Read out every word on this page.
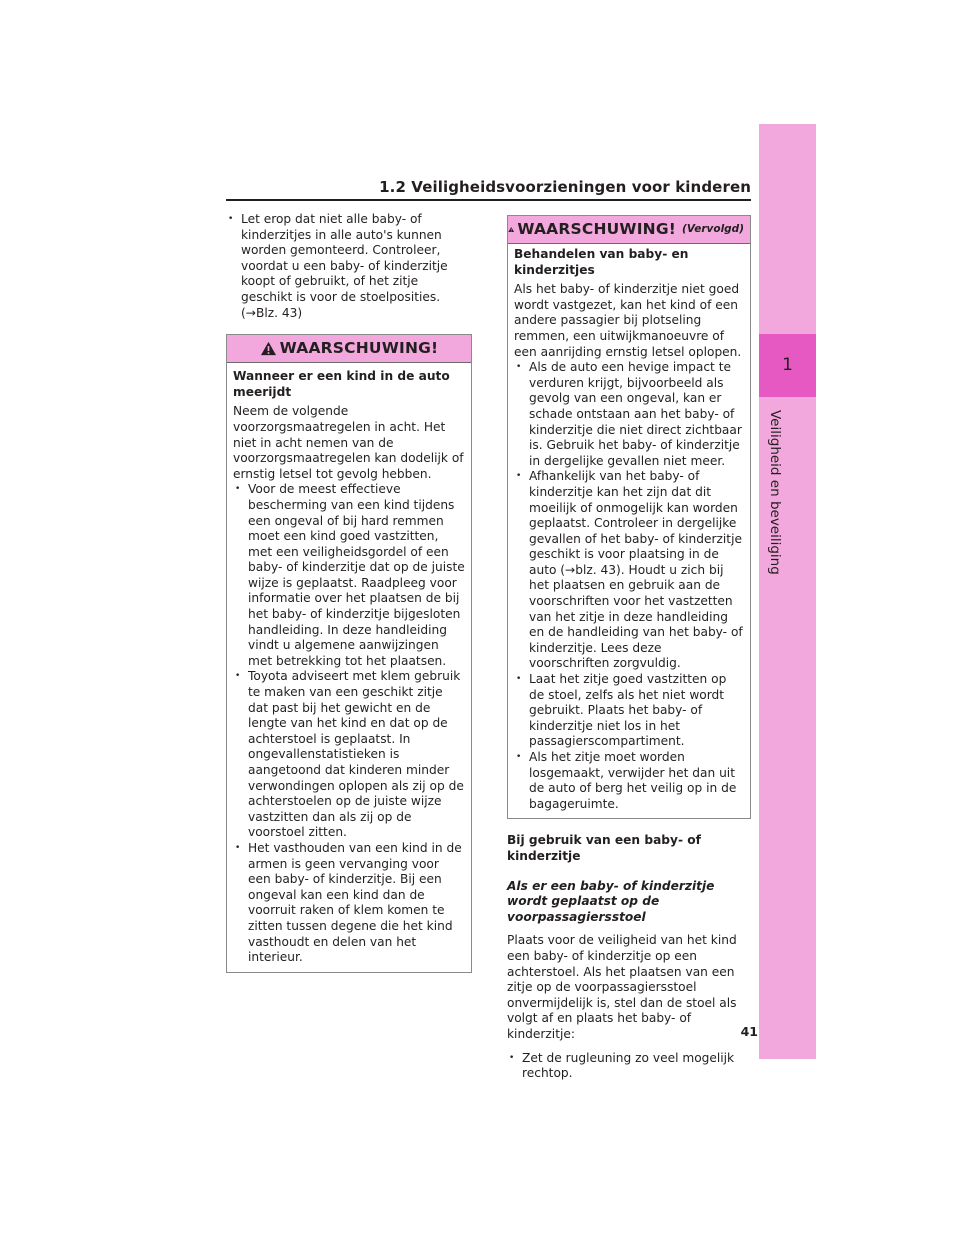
1.2 Veiligheidsvoorzieningen voor kinderen
1
Veiligheid en beveiliging
• Let erop dat niet alle baby- of kinderzitjes in alle auto's kunnen worden gemonteerd. Controleer, voordat u een baby- of kinderzitje koopt of gebruikt, of het zitje geschikt is voor de stoelposities. (→Blz. 43)
WAARSCHUWING!

Wanneer er een kind in de auto meerijdt

Neem de volgende voorzorgsmaatregelen in acht. Het niet in acht nemen van de voorzorgsmaatregelen kan dodelijk of ernstig letsel tot gevolg hebben.

• Voor de meest effectieve bescherming van een kind tijdens een ongeval of bij hard remmen moet een kind goed vastzitten, met een veiligheidsgordel of een baby- of kinderzitje dat op de juiste wijze is geplaatst. Raadpleeg voor informatie over het plaatsen de bij het baby- of kinderzitje bijgesloten handleiding. In deze handleiding vindt u algemene aanwijzingen met betrekking tot het plaatsen.
• Toyota adviseert met klem gebruik te maken van een geschikt zitje dat past bij het gewicht en de lengte van het kind en dat op de achterstoel is geplaatst. In ongevallenstatistieken is aangetoond dat kinderen minder verwondingen oplopen als zij op de achterstoelen op de juiste wijze vastzitten dan als zij op de voorstoel zitten.
• Het vasthouden van een kind in de armen is geen vervanging voor een baby- of kinderzitje. Bij een ongeval kan een kind dan de voorruit raken of klem komen te zitten tussen degene die het kind vasthoudt en delen van het interieur.
WAARSCHUWING! (Vervolgd)

Behandelen van baby- en kinderzitjes

Als het baby- of kinderzitje niet goed wordt vastgezet, kan het kind of een andere passagier bij plotseling remmen, een uitwijkmanoeuvre of een aanrijding ernstig letsel oplopen.

• Als de auto een hevige impact te verduren krijgt, bijvoorbeeld als gevolg van een ongeval, kan er schade ontstaan aan het baby- of kinderzitje die niet direct zichtbaar is. Gebruik het baby- of kinderzitje in dergelijke gevallen niet meer.
• Afhankelijk van het baby- of kinderzitje kan het zijn dat dit moeilijk of onmogelijk kan worden geplaatst. Controleer in dergelijke gevallen of het baby- of kinderzitje geschikt is voor plaatsing in de auto (→blz. 43). Houdt u zich bij het plaatsen en gebruik aan de voorschriften voor het vastzetten van het zitje in deze handleiding en de handleiding van het baby- of kinderzitje. Lees deze voorschriften zorgvuldig.
• Laat het zitje goed vastzitten op de stoel, zelfs als het niet wordt gebruikt. Plaats het baby- of kinderzitje niet los in het passagierscompartiment.
• Als het zitje moet worden losgemaakt, verwijder het dan uit de auto of berg het veilig op in de bagageruimte.

Bij gebruik van een baby- of kinderzitje

Als er een baby- of kinderzitje wordt geplaatst op de voorpassagiersstoel

Plaats voor de veiligheid van het kind een baby- of kinderzitje op een achterstoel. Als het plaatsen van een zitje op de voorpassagiersstoel onvermijdelijk is, stel dan de stoel als volgt af en plaats het baby- of kinderzitje:

• Zet de rugleuning zo veel mogelijk rechtop.
41
